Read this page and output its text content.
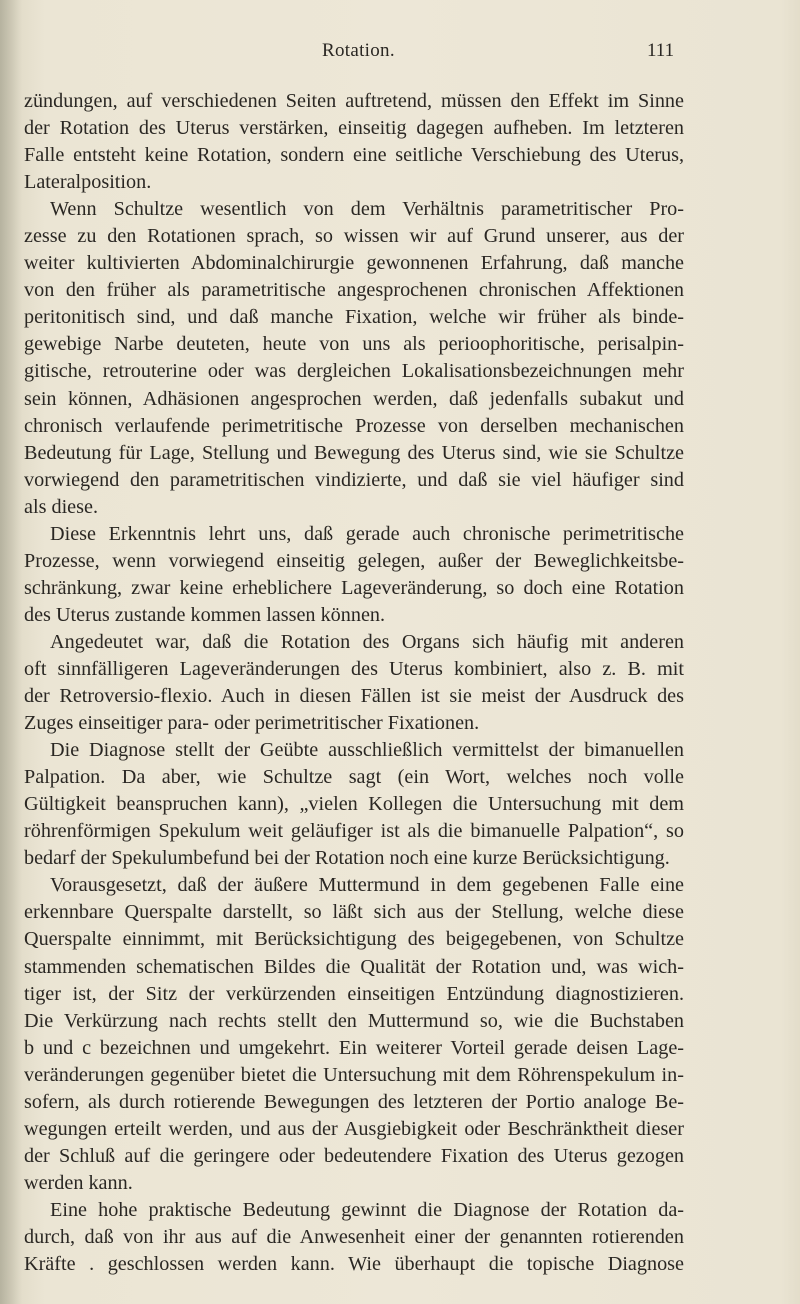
Rotation.	111
zündungen, auf verschiedenen Seiten auftretend, müssen den Effekt im Sinne
der Rotation des Uterus verstärken, einseitig dagegen aufheben. Im letzteren
Falle entsteht keine Rotation, sondern eine seitliche Verschiebung des Uterus,
Lateralposition.
Wenn Schultze wesentlich von dem Verhältnis parametritischer Pro-
zesse zu den Rotationen sprach, so wissen wir auf Grund unserer, aus der
weiter kultivierten Abdominalchirurgie gewonnenen Erfahrung, daß manche
von den früher als parametritische angesprochenen chronischen Affektionen
peritonitisch sind, und daß manche Fixation, welche wir früher als binde-
gewebige Narbe deuteten, heute von uns als perioophoritische, perisalpin-
gitische, retrouterine oder was dergleichen Lokalisationsbezeichnungen mehr
sein können, Adhäsionen angesprochen werden, daß jedenfalls subakut und
chronisch verlaufende perimetritische Prozesse von derselben mechanischen
Bedeutung für Lage, Stellung und Bewegung des Uterus sind, wie sie Schultze
vorwiegend den parametritischen vindizierte, und daß sie viel häufiger sind
als diese.
Diese Erkenntnis lehrt uns, daß gerade auch chronische perimetritische
Prozesse, wenn vorwiegend einseitig gelegen, außer der Beweglichkeitsbe-
schränkung, zwar keine erheblichere Lageveränderung, so doch eine Rotation
des Uterus zustande kommen lassen können.
Angedeutet war, daß die Rotation des Organs sich häufig mit anderen
oft sinnfälligeren Lageveränderungen des Uterus kombiniert, also z. B. mit
der Retroversio-flexio. Auch in diesen Fällen ist sie meist der Ausdruck des
Zuges einseitiger para- oder perimetritischer Fixationen.
Die Diagnose stellt der Geübte ausschließlich vermittelst der bimanuellen
Palpation. Da aber, wie Schultze sagt (ein Wort, welches noch volle
Gültigkeit beanspruchen kann), „vielen Kollegen die Untersuchung mit dem
röhrenförmigen Spekulum weit geläufiger ist als die bimanuelle Palpation“, so
bedarf der Spekulumbefund bei der Rotation noch eine kurze Berücksichtigung.
Vorausgesetzt, daß der äußere Muttermund in dem gegebenen Falle eine
erkennbare Querspalte darstellt, so läßt sich aus der Stellung, welche diese
Querspalte einnimmt, mit Berücksichtigung des beigegebenen, von Schultze
stammenden schematischen Bildes die Qualität der Rotation und, was wich-
tiger ist, der Sitz der verkürzenden einseitigen Entzündung diagnostizieren.
Die Verkürzung nach rechts stellt den Muttermund so, wie die Buchstaben
b und c bezeichnen und umgekehrt. Ein weiterer Vorteil gerade deisen Lage-
veränderungen gegenüber bietet die Untersuchung mit dem Röhrenspekulum in-
sofern, als durch rotierende Bewegungen des letzteren der Portio analoge Be-
wegungen erteilt werden, und aus der Ausgiebigkeit oder Beschränktheit dieser
der Schluß auf die geringere oder bedeutendere Fixation des Uterus gezogen
werden kann.
Eine hohe praktische Bedeutung gewinnt die Diagnose der Rotation da-
durch, daß von ihr aus auf die Anwesenheit einer der genannten rotierenden
Kräfte . geschlossen werden kann. Wie überhaupt die topische Diagnose
